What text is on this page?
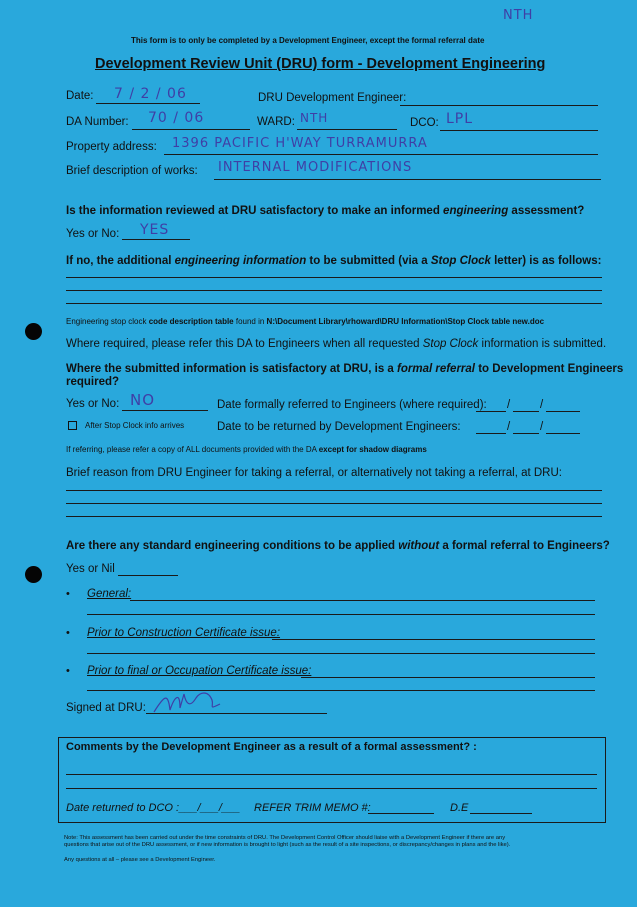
NTH
This form is to only be completed by a Development Engineer, except the formal referral date
Development Review Unit (DRU) form - Development Engineering
Date: 7 / 2 / 06	DRU Development Engineer:
DA Number: 70 / 06	WARD: NTH	DCO: LPL
Property address: 1396 PACIFIC H'WAY TURRAMURRA
Brief description of works: INTERNAL MODIFICATIONS
Is the information reviewed at DRU satisfactory to make an informed engineering assessment?
Yes or No: YES
If no, the additional engineering information to be submitted (via a Stop Clock letter) is as follows:
Engineering stop clock code description table found in N:\Document Library\rhoward\DRU Information\Stop Clock table new.doc
Where required, please refer this DA to Engineers when all requested Stop Clock information is submitted.
Where the submitted information is satisfactory at DRU, is a formal referral to Development Engineers
required?
Yes or No: NO	Date formally referred to Engineers (where required): /	/
After Stop Clock info arrives	Date to be returned by Development Engineers:	/	/
If referring, please refer a copy of ALL documents provided with the DA except for shadow diagrams
Brief reason from DRU Engineer for taking a referral, or alternatively not taking a referral, at DRU:
Are there any standard engineering conditions to be applied without a formal referral to Engineers?
Yes or Nil
• General:
• Prior to Construction Certificate issue:
• Prior to final or Occupation Certificate issue:
Signed at DRU:
Comments by the Development Engineer as a result of a formal assessment? :
Date returned to DCO :___/___/___ REFER TRIM MEMO #:	D.E
Note: This assessment has been carried out under the time constraints of DRU. The Development Control Officer should liaise with a Development Engineer if there are any
questions that arise out of the DRU assessment, or if new information is brought to light (such as the result of a site inspections, or discrepancy/changes in plans and the like).
Any questions at all – please see a Development Engineer.
